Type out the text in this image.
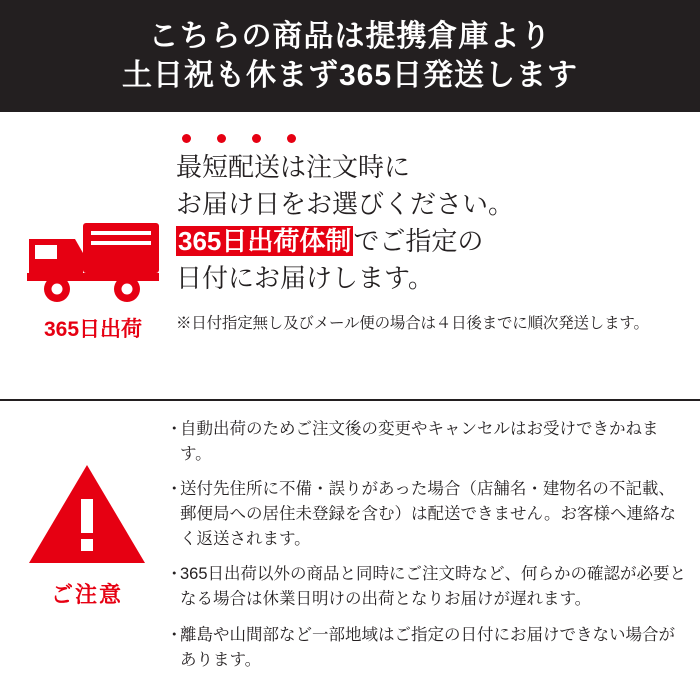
こちらの商品は提携倉庫より
土日祝も休まず365日発送します
365日出荷
最短配送は注文時に
お届け日をお選びください。
365日出荷体制でご指定の
日付にお届けします。
※日付指定無し及びメール便の場合は４日後までに順次発送します。
ご注意
・
自動出荷のためご注文後の変更やキャンセルはお受けできかねます。
・
送付先住所に不備・誤りがあった場合（店舗名・建物名の不記載、郵便局への居住未登録を含む）は配送できません。お客様へ連絡なく返送されます。
・
365日出荷以外の商品と同時にご注文時など、何らかの確認が必要となる場合は休業日明けの出荷となりお届けが遅れます。
・
離島や山間部など一部地域はご指定の日付にお届けできない場合があります。
